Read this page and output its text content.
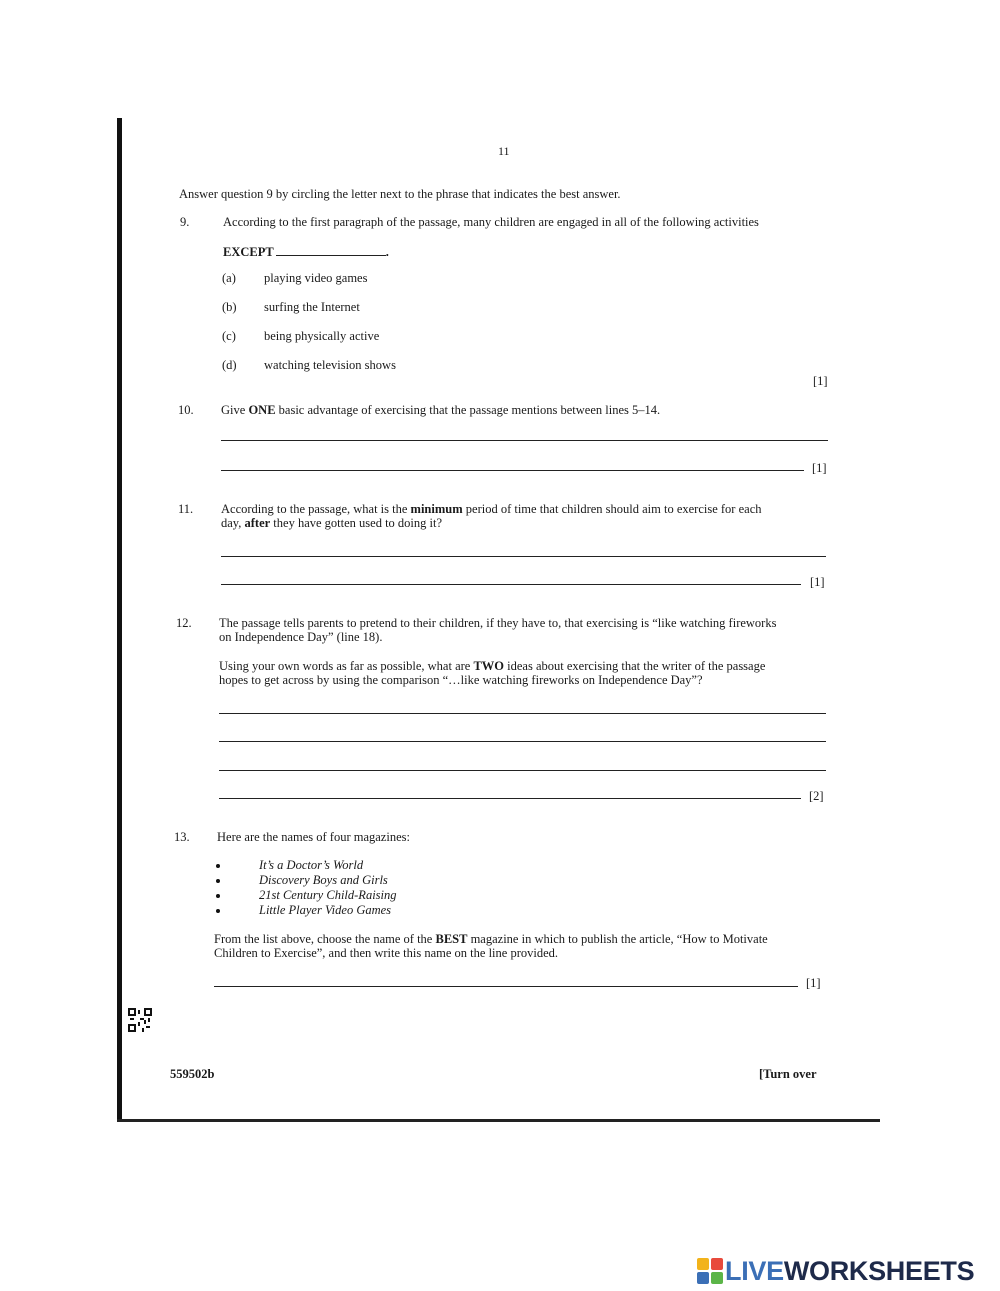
11
Answer question 9 by circling the letter next to the phrase that indicates the best answer.
9.	According to the first paragraph of the passage, many children are engaged in all of the following activities
EXCEPT	.
(a) playing video games
(b) surfing the Internet
(c) being physically active
(d) watching television shows
[1]
10. Give ONE basic advantage of exercising that the passage mentions between lines 5–14.
[1]
11. According to the passage, what is the minimum period of time that children should aim to exercise for each
day, after they have gotten used to doing it?
[1]
12. The passage tells parents to pretend to their children, if they have to, that exercising is “like watching fireworks
on Independence Day” (line 18).
Using your own words as far as possible, what are TWO ideas about exercising that the writer of the passage
hopes to get across by using the comparison “…like watching fireworks on Independence Day”?
[2]
13. Here are the names of four magazines:
It’s a Doctor’s World
Discovery Boys and Girls
21st Century Child-Raising
Little Player Video Games
From the list above, choose the name of the BEST magazine in which to publish the article, “How to Motivate
Children to Exercise”, and then write this name on the line provided.
[1]
559502b	[Turn over
LIVEWORKSHEETS
